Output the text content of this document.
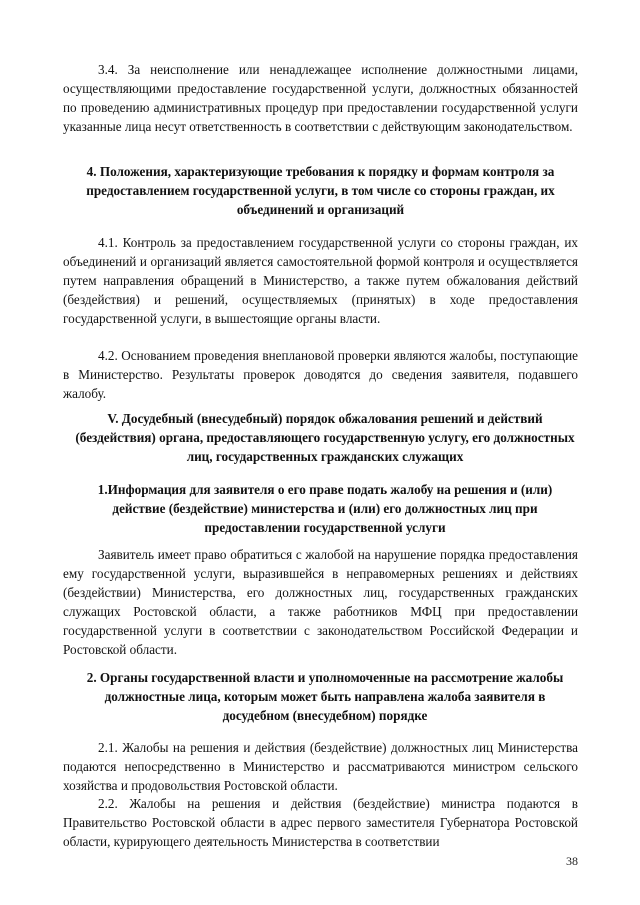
3.4. За неисполнение или ненадлежащее исполнение должностными лицами, осуществляющими предоставление государственной услуги, должностных обязанностей по проведению административных процедур при предоставлении государственной услуги указанные лица несут ответственность в соответствии с действующим законодательством.

4. Положения, характеризующие требования к порядку и формам контроля за предоставлением государственной услуги, в том числе со стороны граждан, их объединений и организаций

4.1. Контроль за предоставлением государственной услуги со стороны граждан, их объединений и организаций является самостоятельной формой контроля и осуществляется путем направления обращений в Министерство, а также путем обжалования действий (бездействия) и решений, осуществляемых (принятых) в ходе предоставления государственной услуги, в вышестоящие органы власти.

4.2. Основанием проведения внеплановой проверки являются жалобы, поступающие в Министерство. Результаты проверок доводятся до сведения заявителя, подавшего жалобу.

V. Досудебный (внесудебный) порядок обжалования решений и действий (бездействия) органа, предоставляющего государственную услугу, его должностных лиц, государственных гражданских служащих

1.Информация для заявителя о его праве подать жалобу на решения и (или) действие (бездействие) министерства и (или) его должностных лиц при предоставлении государственной услуги

Заявитель имеет право обратиться с жалобой на нарушение порядка предоставления ему государственной услуги, выразившейся в неправомерных решениях и действиях (бездействии) Министерства, его должностных лиц, государственных гражданских служащих Ростовской области, а также работников МФЦ при предоставлении государственной услуги в соответствии с законодательством Российской Федерации и Ростовской области.

2. Органы государственной власти и уполномоченные на рассмотрение жалобы должностные лица, которым может быть направлена жалоба заявителя в досудебном (внесудебном) порядке

2.1. Жалобы на решения и действия (бездействие) должностных лиц Министерства подаются непосредственно в Министерство и рассматриваются министром сельского хозяйства и продовольствия Ростовской области.

2.2. Жалобы на решения и действия (бездействие) министра подаются в Правительство Ростовской области в адрес первого заместителя Губернатора Ростовской области, курирующего деятельность Министерства в соответствии

38
